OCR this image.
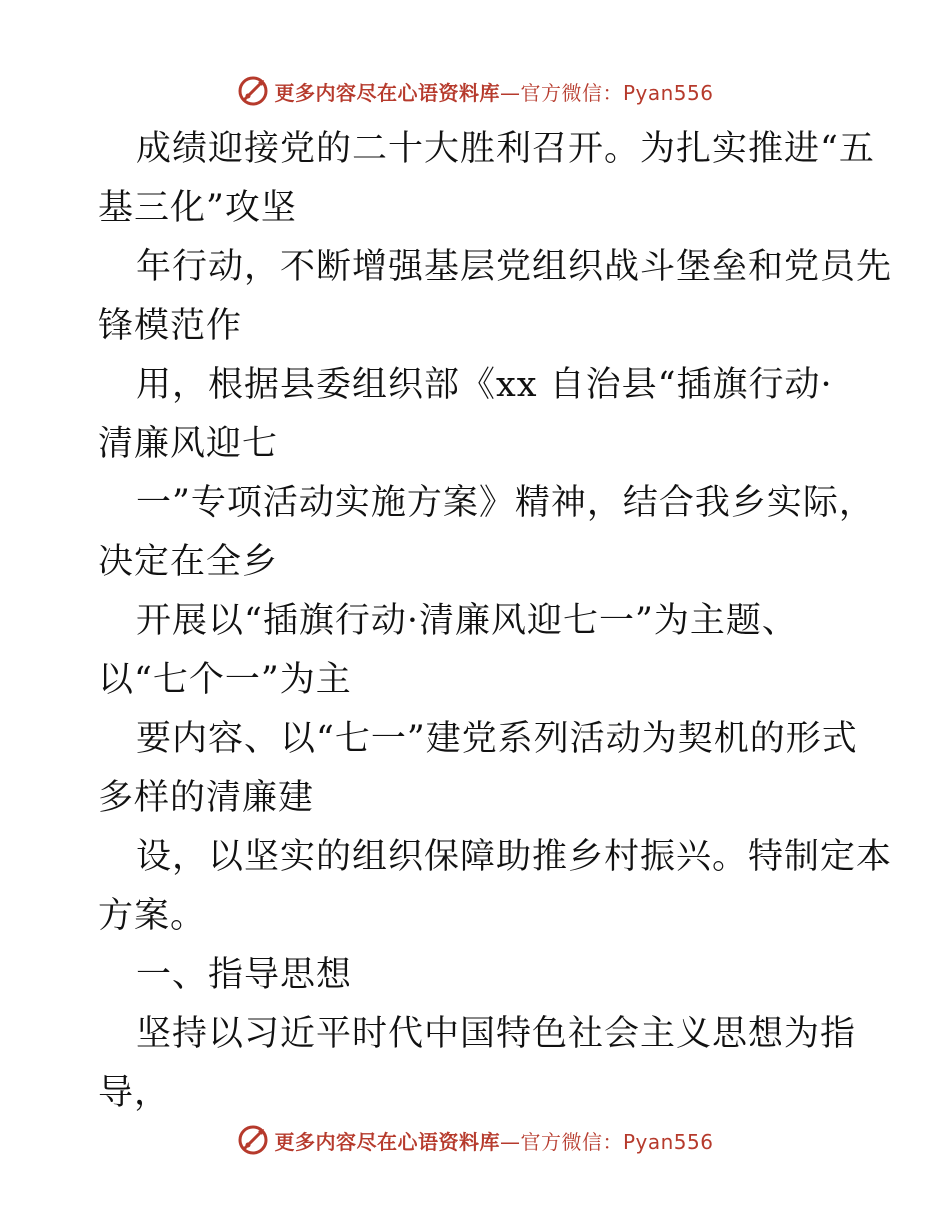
更多内容尽在心语资料库—官方微信：Pyan556
成绩迎接党的二十大胜利召开。为扎实推进“五
基三化”攻坚
年行动，不断增强基层党组织战斗堡垒和党员先
锋模范作
用，根据县委组织部《xx 自治县“插旗行动·
清廉风迎七
一”专项活动实施方案》精神，结合我乡实际，
决定在全乡
开展以“插旗行动·清廉风迎七一”为主题、
以“七个一”为主
要内容、以“七一”建党系列活动为契机的形式
多样的清廉建
设，以坚实的组织保障助推乡村振兴。特制定本
方案。
一、指导思想
坚持以习近平时代中国特色社会主义思想为指
导，
更多内容尽在心语资料库—官方微信：Pyan556
